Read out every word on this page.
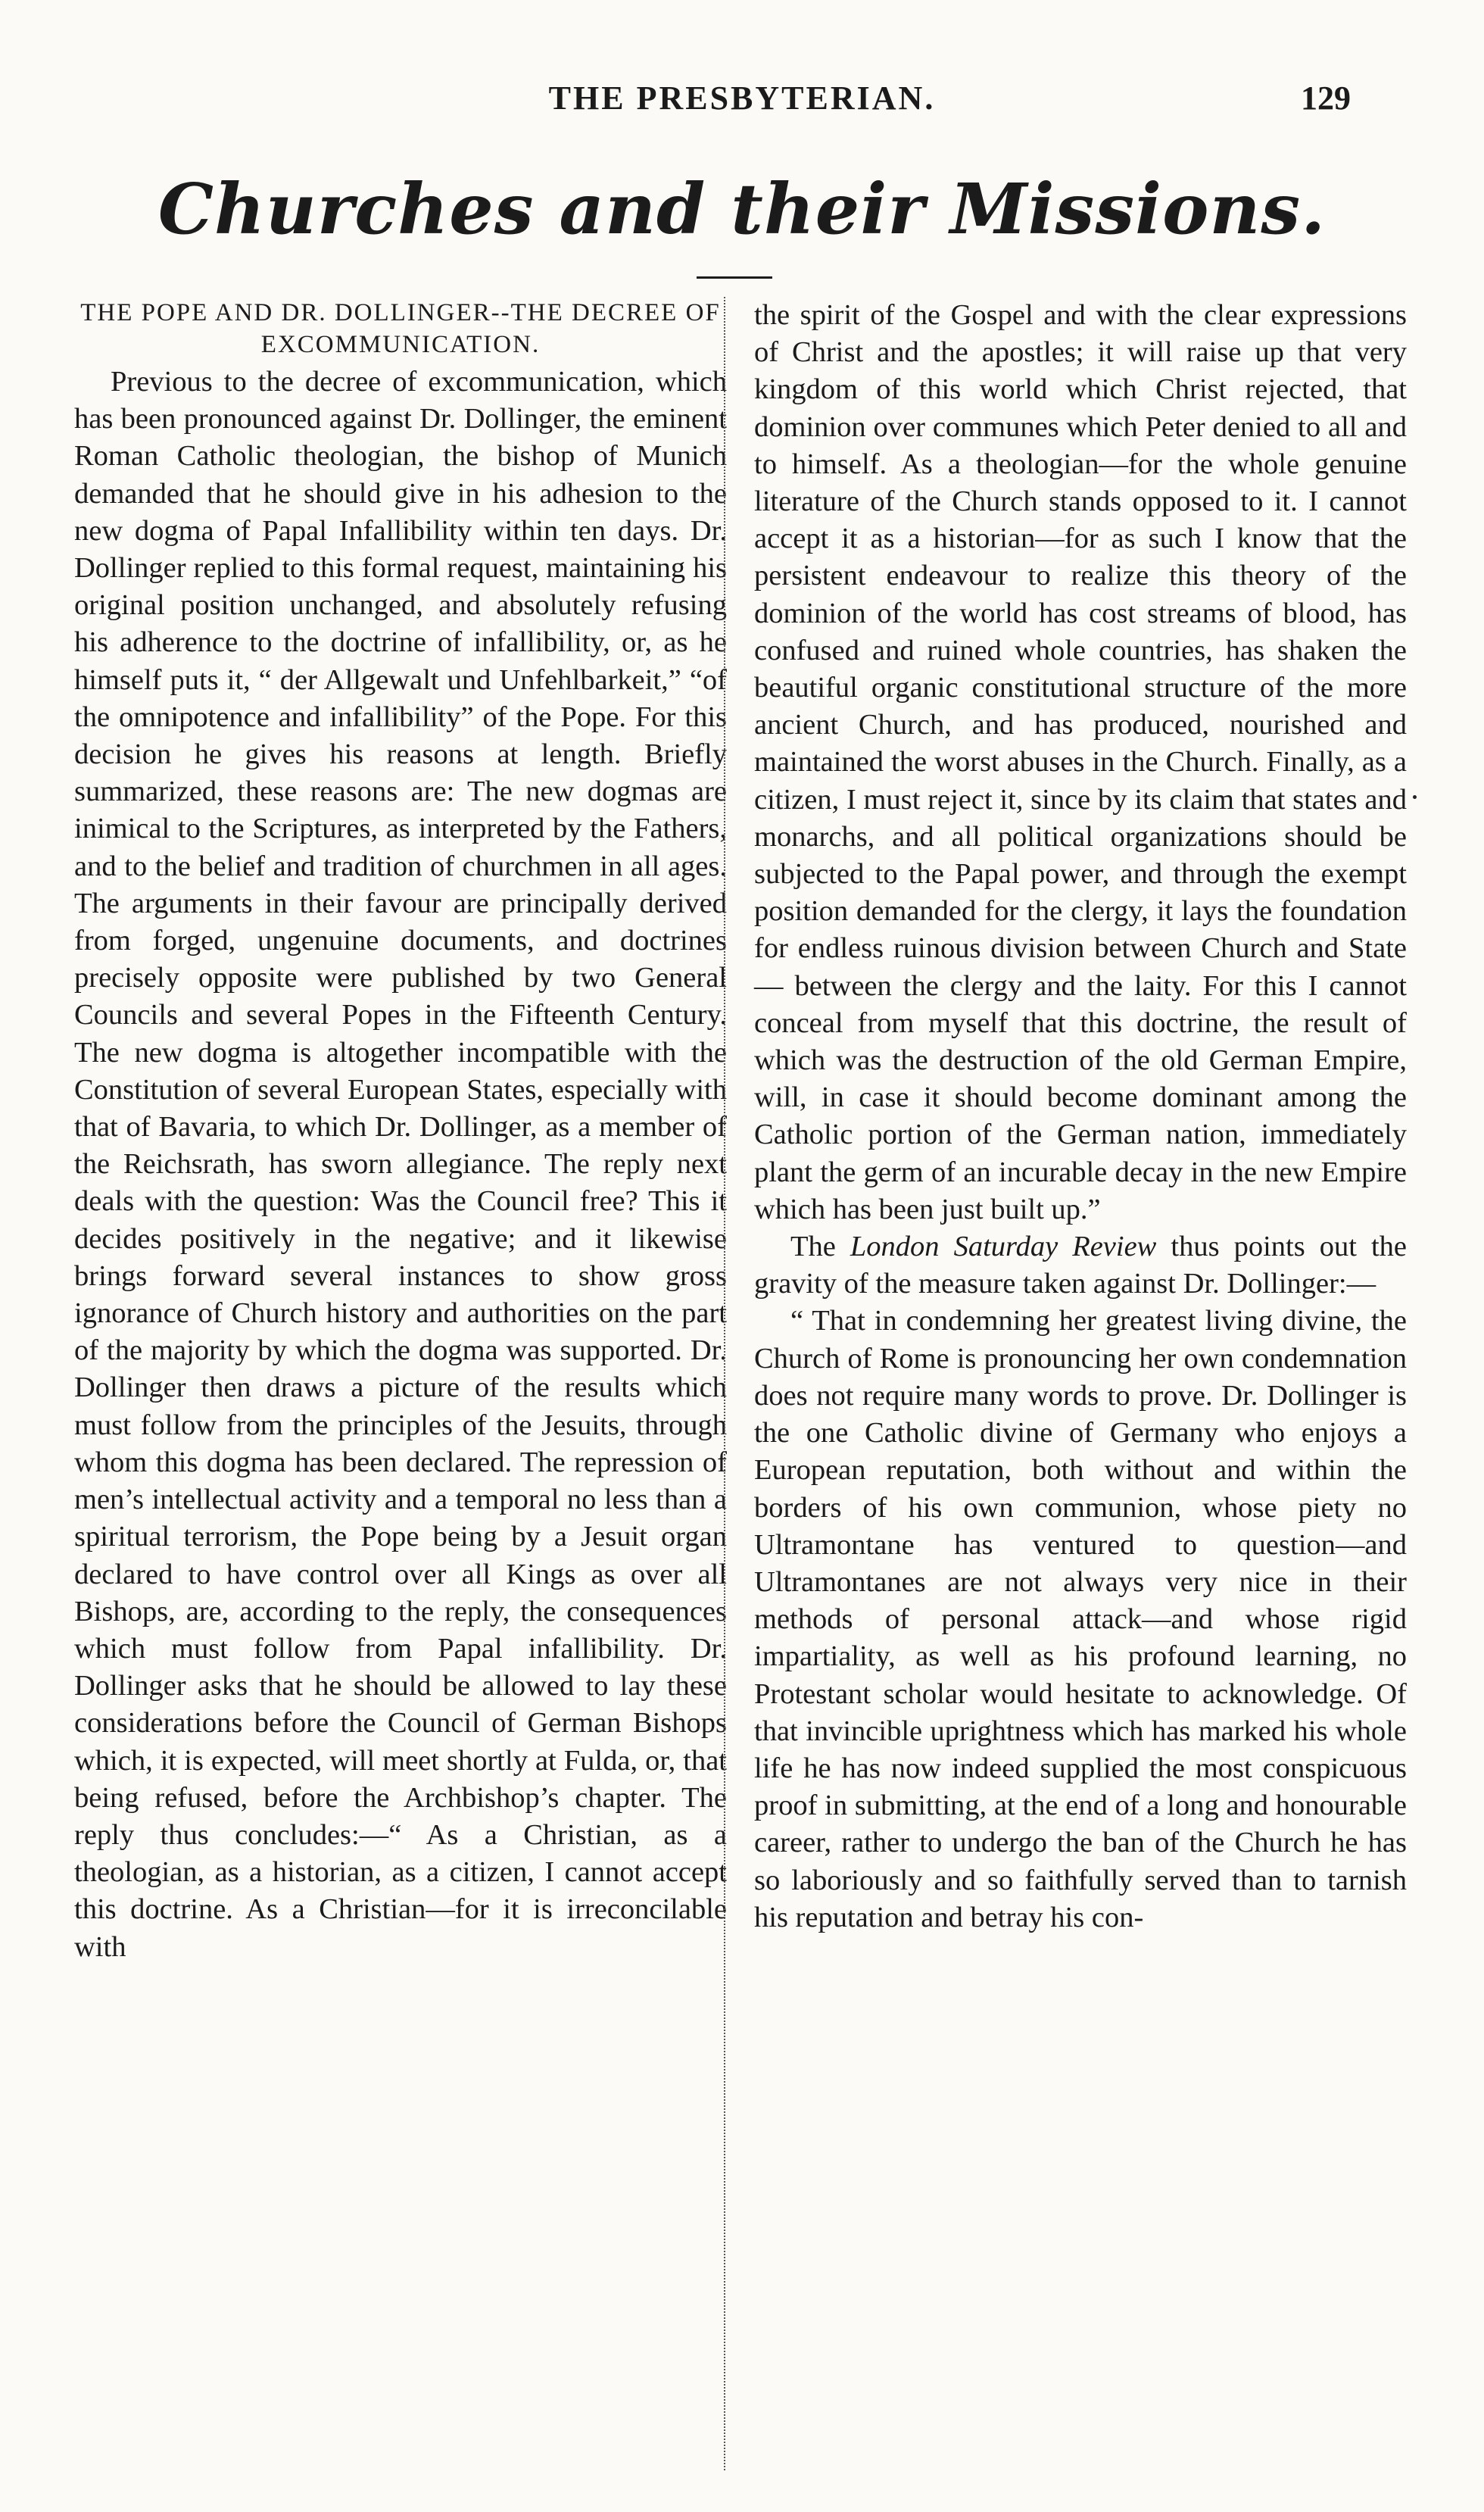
THE PRESBYTERIAN.	129
Churches and their Missions.

THE POPE AND DR. DOLLINGER--THE DECREE OF EXCOMMUNICATION.

Previous to the decree of excommunication, which has been pronounced against Dr. Dollinger, the eminent Roman Catholic theologian, the bishop of Munich demanded that he should give in his adhesion to the new dogma of Papal Infallibility within ten days. Dr. Dollinger replied to this formal request, maintaining his original position unchanged, and absolutely refusing his adherence to the doctrine of infallibility, or, as he himself puts it, “ der Allgewalt und Unfehlbarkeit,” “of the omnipotence and infallibility” of the Pope. For this decision he gives his reasons at length. Briefly summarized, these reasons are: The new dogmas are inimical to the Scriptures, as interpreted by the Fathers, and to the belief and tradition of churchmen in all ages. The arguments in their favour are principally derived from forged, ungenuine documents, and doctrines precisely opposite were published by two General Councils and several Popes in the Fifteenth Century. The new dogma is altogether incompatible with the Constitution of several European States, especially with that of Bavaria, to which Dr. Dollinger, as a member of the Reichsrath, has sworn allegiance. The reply next deals with the question: Was the Council free? This it decides positively in the negative; and it likewise brings forward several instances to show gross ignorance of Church history and authorities on the part of the majority by which the dogma was supported. Dr. Dollinger then draws a picture of the results which must follow from the principles of the Jesuits, through whom this dogma has been declared. The repression of men’s intellectual activity and a temporal no less than a spiritual terrorism, the Pope being by a Jesuit organ declared to have control over all Kings as over all Bishops, are, according to the reply, the consequences which must follow from Papal infallibility. Dr. Dollinger asks that he should be allowed to lay these considerations before the Council of German Bishops which, it is expected, will meet shortly at Fulda, or, that being refused, before the Archbishop’s chapter. The reply thus concludes:—“ As a Christian, as a theologian, as a historian, as a citizen, I cannot accept this doctrine. As a Christian—for it is irreconcilable with

the spirit of the Gospel and with the clear expressions of Christ and the apostles; it will raise up that very kingdom of this world which Christ rejected, that dominion over communes which Peter denied to all and to himself. As a theologian—for the whole genuine literature of the Church stands opposed to it. I cannot accept it as a historian—for as such I know that the persistent endeavour to realize this theory of the dominion of the world has cost streams of blood, has confused and ruined whole countries, has shaken the beautiful organic constitutional structure of the more ancient Church, and has produced, nourished and maintained the worst abuses in the Church. Finally, as a citizen, I must reject it, since by its claim that states and monarchs, and all political organizations should be subjected to the Papal power, and through the exempt position demanded for the clergy, it lays the foundation for endless ruinous division between Church and State — between the clergy and the laity. For this I cannot conceal from myself that this doctrine, the result of which was the destruction of the old German Empire, will, in case it should become dominant among the Catholic portion of the German nation, immediately plant the germ of an incurable decay in the new Empire which has been just built up.”

The London Saturday Review thus points out the gravity of the measure taken against Dr. Dollinger:—

“ That in condemning her greatest living divine, the Church of Rome is pronouncing her own condemnation does not require many words to prove. Dr. Dollinger is the one Catholic divine of Germany who enjoys a European reputation, both without and within the borders of his own communion, whose piety no Ultramontane has ventured to question—and Ultramontanes are not always very nice in their methods of personal attack—and whose rigid impartiality, as well as his profound learning, no Protestant scholar would hesitate to acknowledge. Of that invincible uprightness which has marked his whole life he has now indeed supplied the most conspicuous proof in submitting, at the end of a long and honourable career, rather to undergo the ban of the Church he has so laboriously and so faithfully served than to tarnish his reputation and betray his con-
